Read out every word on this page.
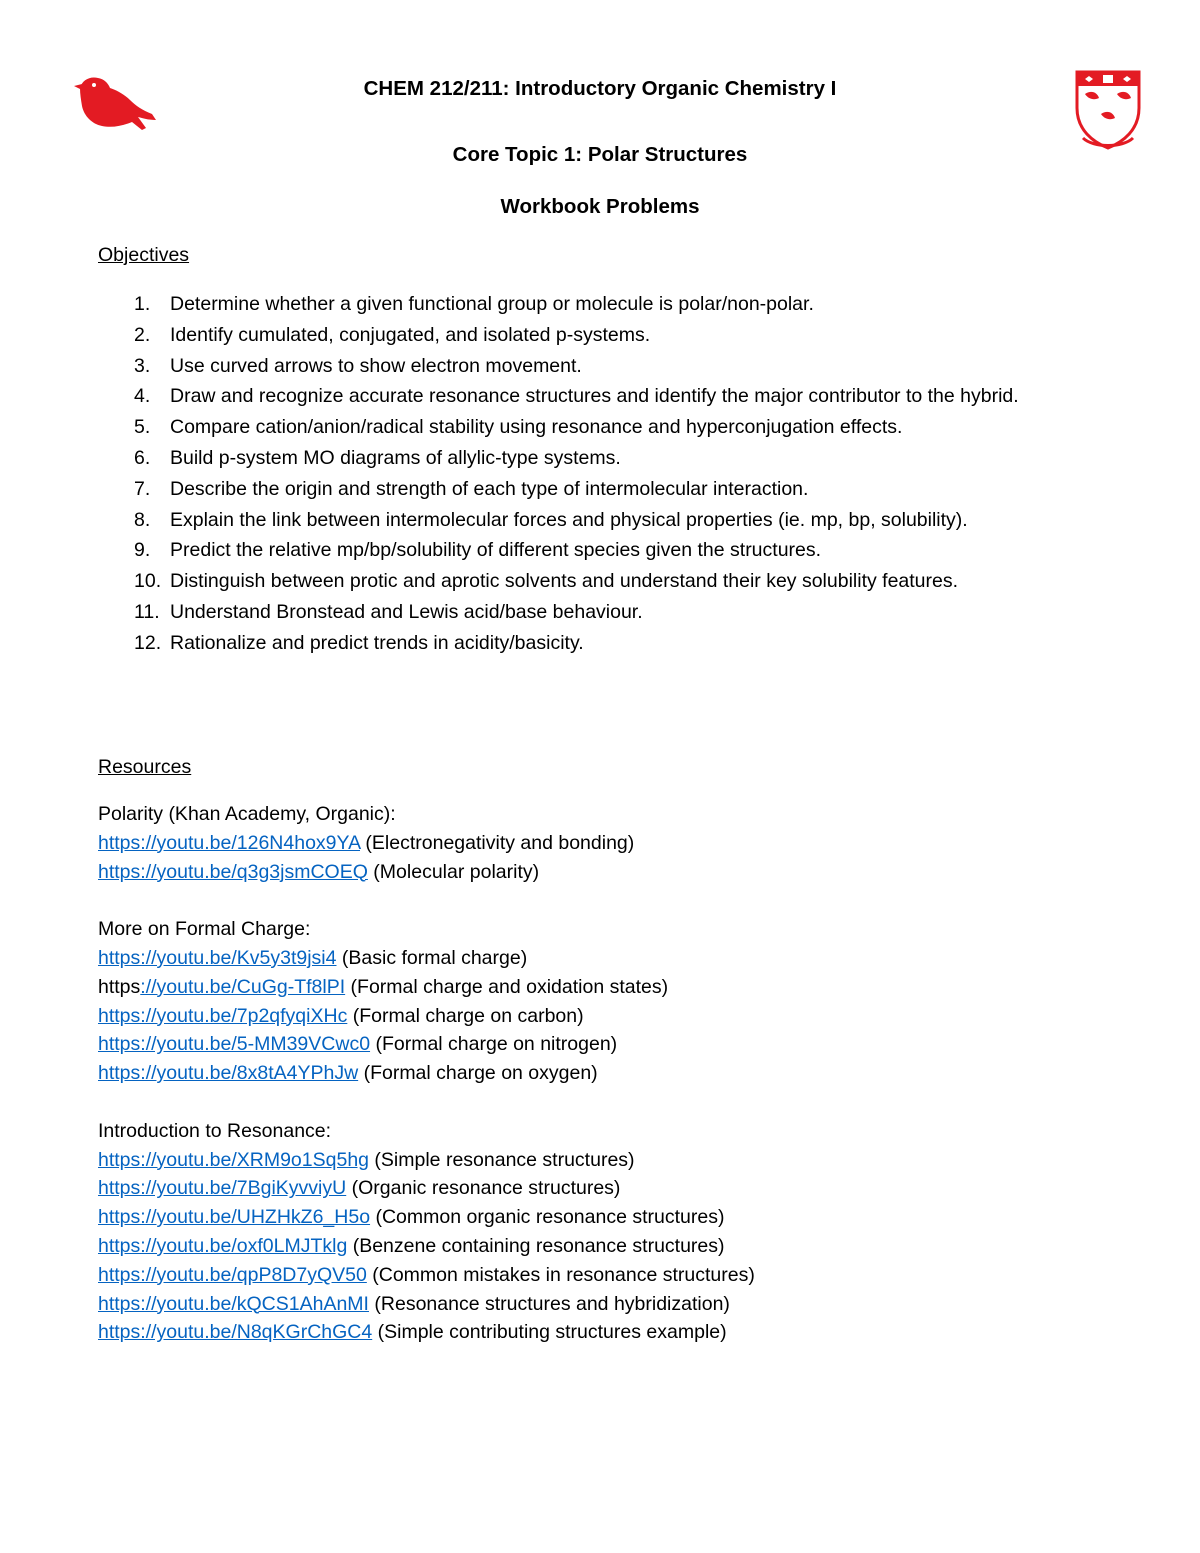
CHEM 212/211: Introductory Organic Chemistry I
Core Topic 1: Polar Structures
Workbook Problems
Objectives
1. Determine whether a given functional group or molecule is polar/non-polar.
2. Identify cumulated, conjugated, and isolated p-systems.
3. Use curved arrows to show electron movement.
4. Draw and recognize accurate resonance structures and identify the major contributor to the hybrid.
5. Compare cation/anion/radical stability using resonance and hyperconjugation effects.
6. Build p-system MO diagrams of allylic-type systems.
7. Describe the origin and strength of each type of intermolecular interaction.
8. Explain the link between intermolecular forces and physical properties (ie. mp, bp, solubility).
9. Predict the relative mp/bp/solubility of different species given the structures.
10. Distinguish between protic and aprotic solvents and understand their key solubility features.
11. Understand Bronstead and Lewis acid/base behaviour.
12. Rationalize and predict trends in acidity/basicity.
Resources
Polarity (Khan Academy, Organic):
https://youtu.be/126N4hox9YA (Electronegativity and bonding)
https://youtu.be/q3g3jsmCOEQ (Molecular polarity)
More on Formal Charge:
https://youtu.be/Kv5y3t9jsi4 (Basic formal charge)
https://youtu.be/CuGg-Tf8lPI (Formal charge and oxidation states)
https://youtu.be/7p2qfyqiXHc (Formal charge on carbon)
https://youtu.be/5-MM39VCwc0 (Formal charge on nitrogen)
https://youtu.be/8x8tA4YPhJw (Formal charge on oxygen)
Introduction to Resonance:
https://youtu.be/XRM9o1Sq5hg (Simple resonance structures)
https://youtu.be/7BgiKyvviyU (Organic resonance structures)
https://youtu.be/UHZHkZ6_H5o (Common organic resonance structures)
https://youtu.be/oxf0LMJTklg (Benzene containing resonance structures)
https://youtu.be/qpP8D7yQV50 (Common mistakes in resonance structures)
https://youtu.be/kQCS1AhAnMI (Resonance structures and hybridization)
https://youtu.be/N8qKGrChGC4 (Simple contributing structures example)
